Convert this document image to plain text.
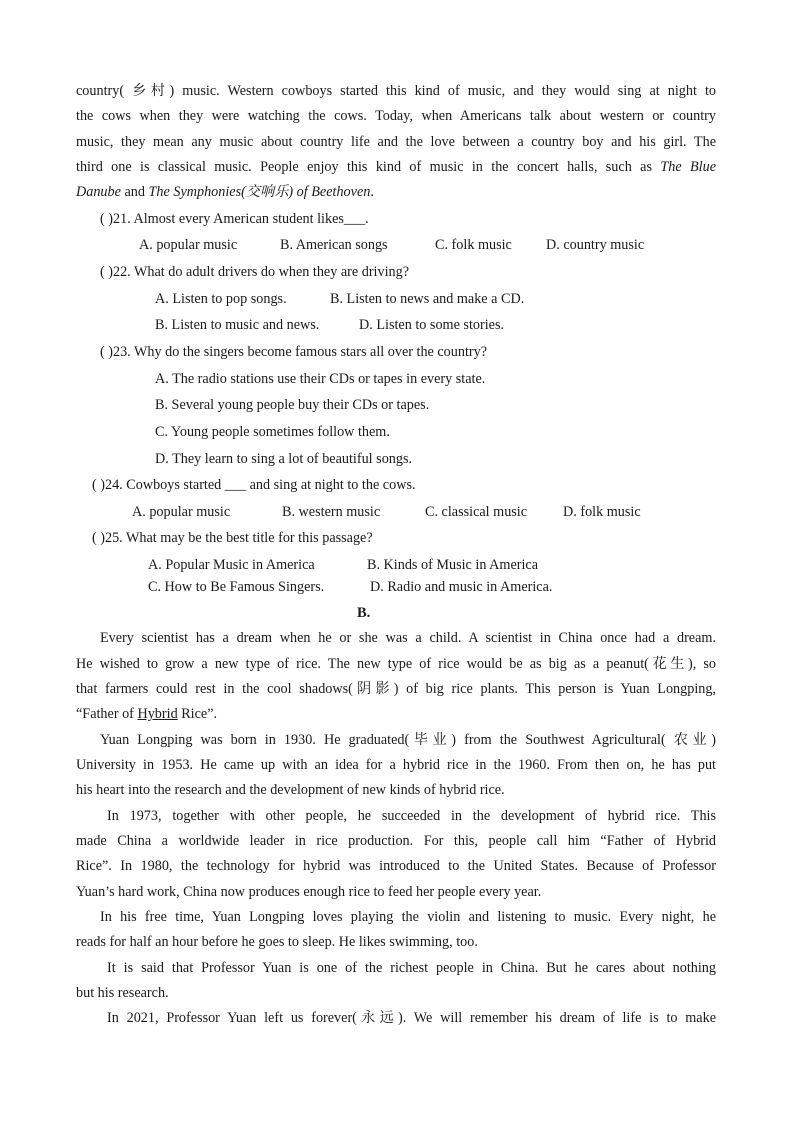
country( 乡村) music. Western cowboys started this kind of music, and they would sing at night to
the cows when they were watching the cows. Today, when Americans talk about western or country
music, they mean any music about country life and the love between a country boy and his girl. The
third one is classical music. People enjoy this kind of music in the concert halls, such as The Blue
Danube and The Symphonies(交响乐) of Beethoven.
( )21. Almost every American student likes___.
A. popular music	B. American songs	C. folk music D. country music
( )22. What do adult drivers do when they are driving?
A. Listen to pop songs.	B. Listen to news and make a CD.
B. Listen to music and news.	D. Listen to some stories.
( )23. Why do the singers become famous stars all over the country?
A. The radio stations use their CDs or tapes in every state.
B. Several young people buy their CDs or tapes.
C. Young people sometimes follow them.
D. They learn to sing a lot of beautiful songs.
( )24. Cowboys started ___ and sing at night to the cows.
A. popular music	B. western music	C. classical music	D. folk music
( )25. What may be the best title for this passage?
A. Popular Music in America	B. Kinds of Music in America
C. How to Be Famous Singers.	D. Radio and music in America.
B.
Every scientist has a dream when he or she was a child. A scientist in China once had a dream.
He wished to grow a new type of rice. The new type of rice would be as big as a peanut(花生), so
that farmers could rest in the cool shadows(阴影) of big rice plants. This person is Yuan Longping,
“Father of Hybrid Rice”.
Yuan Longping was born in 1930. He graduated(毕业) from the Southwest Agricultural( 农业)
University in 1953. He came up with an idea for a hybrid rice in the 1960. From then on, he has put
his heart into the research and the development of new kinds of hybrid rice.
In 1973, together with other people, he succeeded in the development of hybrid rice. This
made China a worldwide leader in rice production. For this, people call him “Father of Hybrid
Rice”. In 1980, the technology for hybrid was introduced to the United States. Because of Professor
Yuan’s hard work, China now produces enough rice to feed her people every year.
In his free time, Yuan Longping loves playing the violin and listening to music. Every night, he
reads for half an hour before he goes to sleep. He likes swimming, too.
It is said that Professor Yuan is one of the richest people in China. But he cares about nothing
but his research.
In 2021, Professor Yuan left us forever(永远). We will remember his dream of life is to make
